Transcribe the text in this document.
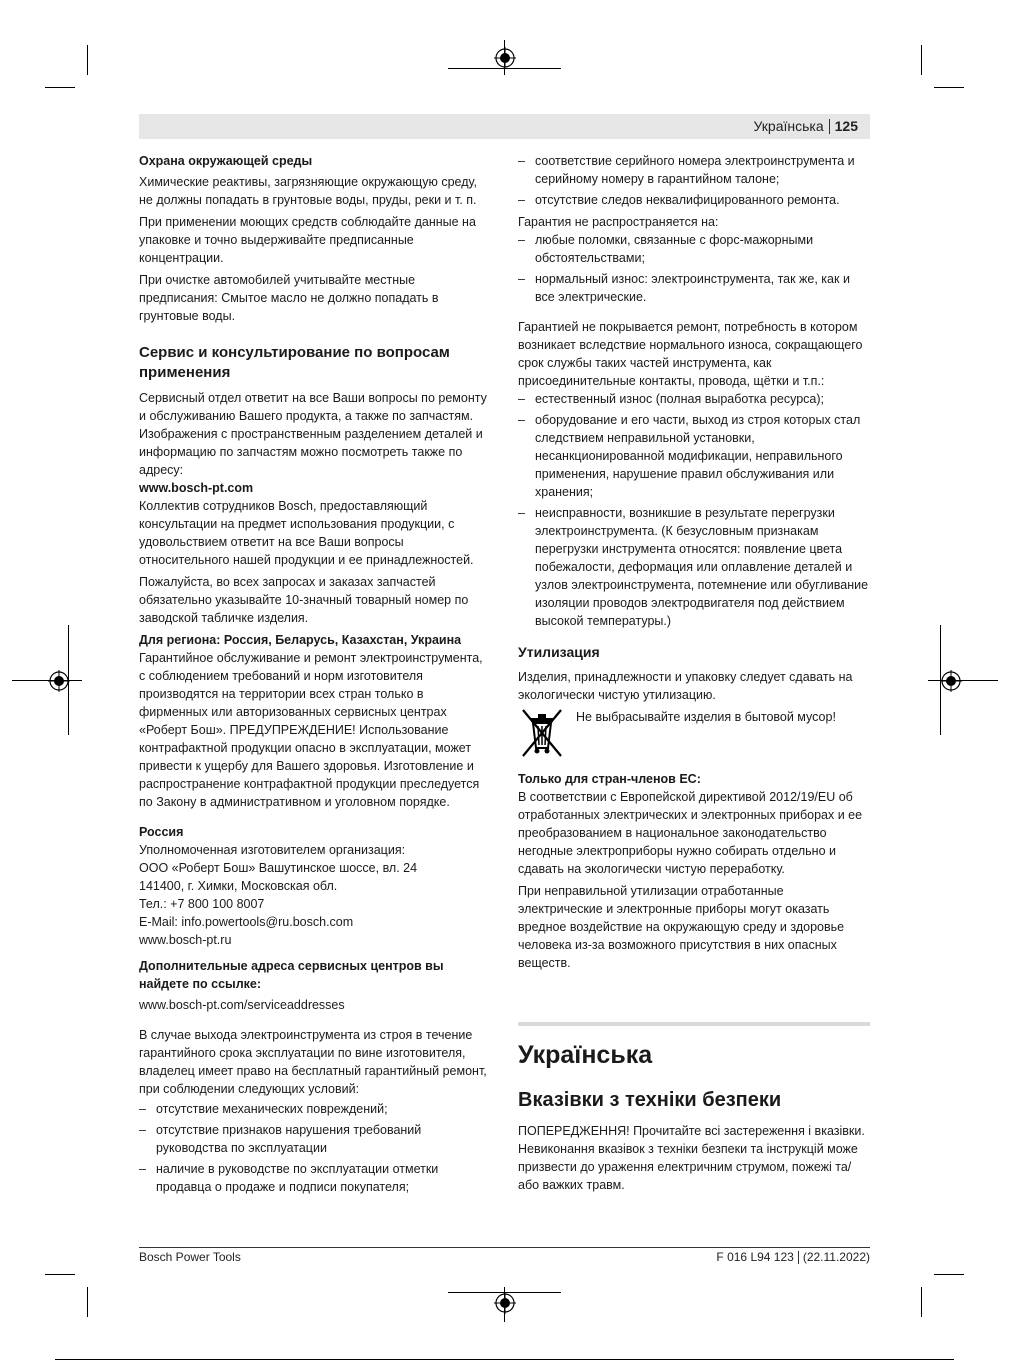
Українська 125
Охрана окружающей среды

Химические реактивы, загрязняющие окружающую среду, не должны попадать в грунтовые воды, пруды, реки и т. п.

При применении моющих средств соблюдайте данные на упаковке и точно выдерживайте предписанные концентрации.

При очистке автомобилей учитывайте местные предписания: Смытое масло не должно попадать в грунтовые воды.

Сервис и консультирование по вопросам применения

Сервисный отдел ответит на все Ваши вопросы по ремонту и обслуживанию Вашего продукта, а также по запчастям. Изображения с пространственным разделением деталей и информацию по запчастям можно посмотреть также по адресу:

www.bosch-pt.com

Коллектив сотрудников Bosch, предоставляющий консультации на предмет использования продукции, с удовольствием ответит на все Ваши вопросы относительного нашей продукции и ее принадлежностей.

Пожалуйста, во всех запросах и заказах запчастей обязательно указывайте 10‑значный товарный номер по заводской табличке изделия.

Для региона: Россия, Беларусь, Казахстан, Украина

Гарантийное обслуживание и ремонт электроинструмента, с соблюдением требований и норм изготовителя производятся на территории всех стран только в фирменных или авторизованных сервисных центрах «Роберт Бош». ПРЕДУПРЕЖДЕНИЕ! Использование контрафактной продукции опасно в эксплуатации, может привести к ущербу для Вашего здоровья. Изготовление и распространение контрафактной продукции преследуется по Закону в административном и уголовном порядке.

Россия
Уполномоченная изготовителем организация:
ООО «Роберт Бош» Вашутинское шоссе, вл. 24
141400, г. Химки, Московская обл.
Тел.: +7 800 100 8007
E‑Mail: info.powertools@ru.bosch.com
www.bosch-pt.ru
Дополнительные адреса сервисных центров вы найдете по ссылке:

www.bosch-pt.com/serviceaddresses

В случае выхода электроинструмента из строя в течение гарантийного срока эксплуатации по вине изготовителя, владелец имеет право на бесплатный гарантийный ремонт, при соблюдении следующих условий:

– отсутствие механических повреждений;
– отсутствие признаков нарушения требований руководства по эксплуатации
– наличие в руководстве по эксплуатации отметки продавца о продаже и подписи покупателя;
– соответствие серийного номера электроинструмента и серийному номеру в гарантийном талоне;
– отсутствие следов неквалифицированного ремонта.
Гарантия не распространяется на:
– любые поломки, связанные с форс‑мажорными обстоятельствами;
– нормальный износ: электроинструмента, так же, как и все электрические.

Гарантией не покрывается ремонт, потребность в котором возникает вследствие нормального износа, сокращающего срок службы таких частей инструмента, как присоединительные контакты, провода, щётки и т.п.:

– естественный износ (полная выработка ресурса);
– оборудование и его части, выход из строя которых стал следствием неправильной установки, несанкционированной модификации, неправильного применения, нарушение правил обслуживания или хранения;
– неисправности, возникшие в результате перегрузки электроинструмента. (К безусловным признакам перегрузки инструмента относятся: появление цвета побежалости, деформация или оплавление деталей и узлов электроинструмента, потемнение или обугливание изоляции проводов электродвигателя под действием высокой температуры.)
Утилизация

Изделия, принадлежности и упаковку следует сдавать на экологически чистую утилизацию.

Не выбрасывайте изделия в бытовой мусор!
Только для стран‑членов ЕС:

В соответствии с Европейской директивой 2012/19/EU об отработанных электрических и электронных приборах и ее преобразованием в национальное законодательство негодные электроприборы нужно собирать отдельно и сдавать на экологически чистую переработку.

При неправильной утилизации отработанные электрические и электронные приборы могут оказать вредное воздействие на окружающую среду и здоровье человека из‑за возможного присутствия в них опасных веществ.

Українська
Вказівки з техніки безпеки

ПОПЕРЕДЖЕННЯ! Прочитайте всі застереження і вказівки. Невиконання вказівок з техніки безпеки та інструкцій може призвести до ураження електричним струмом, пожежі та/або важких травм.

Bosch Power Tools	F 016 L94 123 (22.11.2022)
